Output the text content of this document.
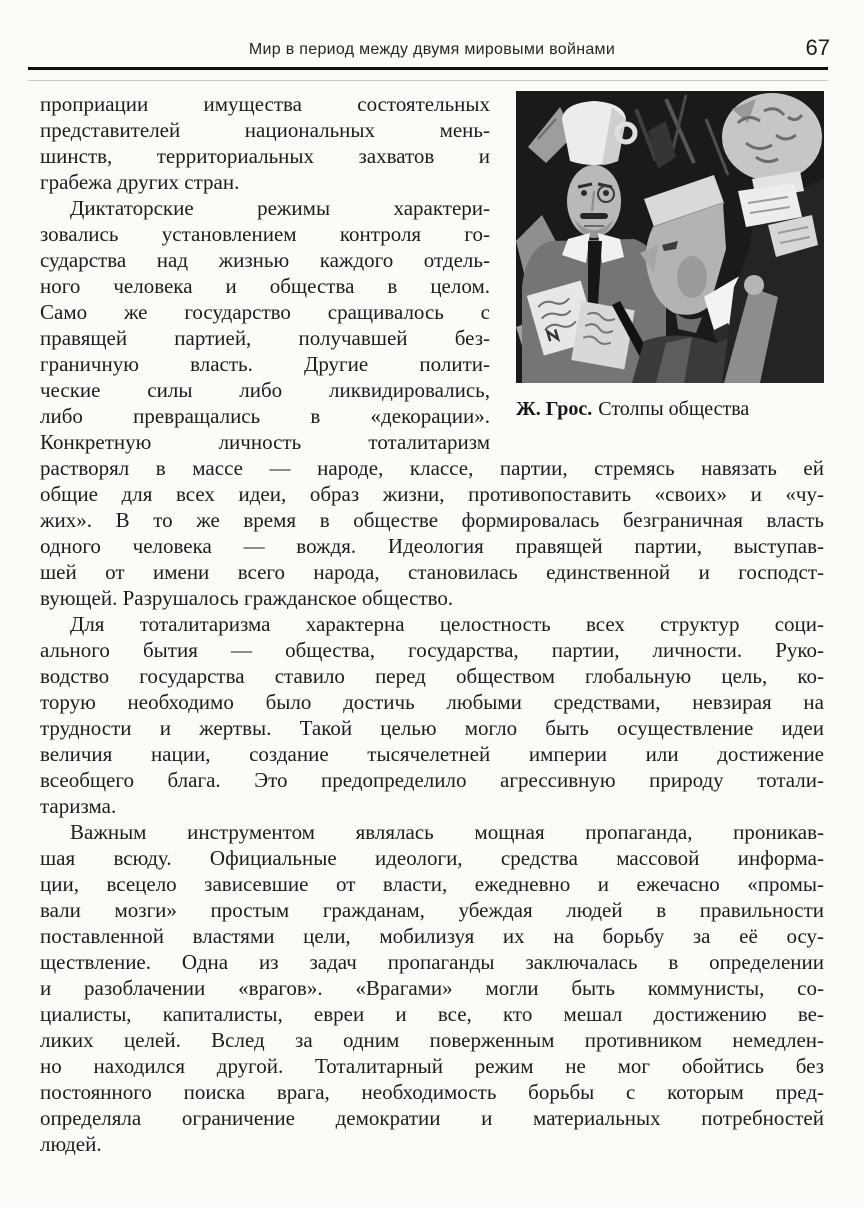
Мир в период между двумя мировыми войнами	67
проприации имущества состоятельных
представителей национальных мень-
шинств, территориальных захватов и
грабежа других стран.
Диктаторские режимы характери-
зовались установлением контроля го-
сударства над жизнью каждого отдель-
ного человека и общества в целом.
Само же государство сращивалось с
правящей партией, получавшей без-
граничную власть. Другие полити-
ческие силы либо ликвидировались,
либо превращались в «декорации».
Конкретную личность тоталитаризм
Ж. Грос. Столпы общества
растворял в массе — народе, классе, партии, стремясь навязать ей
общие для всех идеи, образ жизни, противопоставить «своих» и «чу-
жих». В то же время в обществе формировалась безграничная власть
одного человека — вождя. Идеология правящей партии, выступав-
шей от имени всего народа, становилась единственной и господст-
вующей. Разрушалось гражданское общество.
Для тоталитаризма характерна целостность всех структур соци-
ального бытия — общества, государства, партии, личности. Руко-
водство государства ставило перед обществом глобальную цель, ко-
торую необходимо было достичь любыми средствами, невзирая на
трудности и жертвы. Такой целью могло быть осуществление идеи
величия нации, создание тысячелетней империи или достижение
всеобщего блага. Это предопределило агрессивную природу тотали-
таризма.
Важным инструментом являлась мощная пропаганда, проникав-
шая всюду. Официальные идеологи, средства массовой информа-
ции, всецело зависевшие от власти, ежедневно и ежечасно «промы-
вали мозги» простым гражданам, убеждая людей в правильности
поставленной властями цели, мобилизуя их на борьбу за её осу-
ществление. Одна из задач пропаганды заключалась в определении
и разоблачении «врагов». «Врагами» могли быть коммунисты, со-
циалисты, капиталисты, евреи и все, кто мешал достижению ве-
ликих целей. Вслед за одним поверженным противником немедлен-
но находился другой. Тоталитарный режим не мог обойтись без
постоянного поиска врага, необходимость борьбы с которым пред-
определяла ограничение демократии и материальных потребностей
людей.
